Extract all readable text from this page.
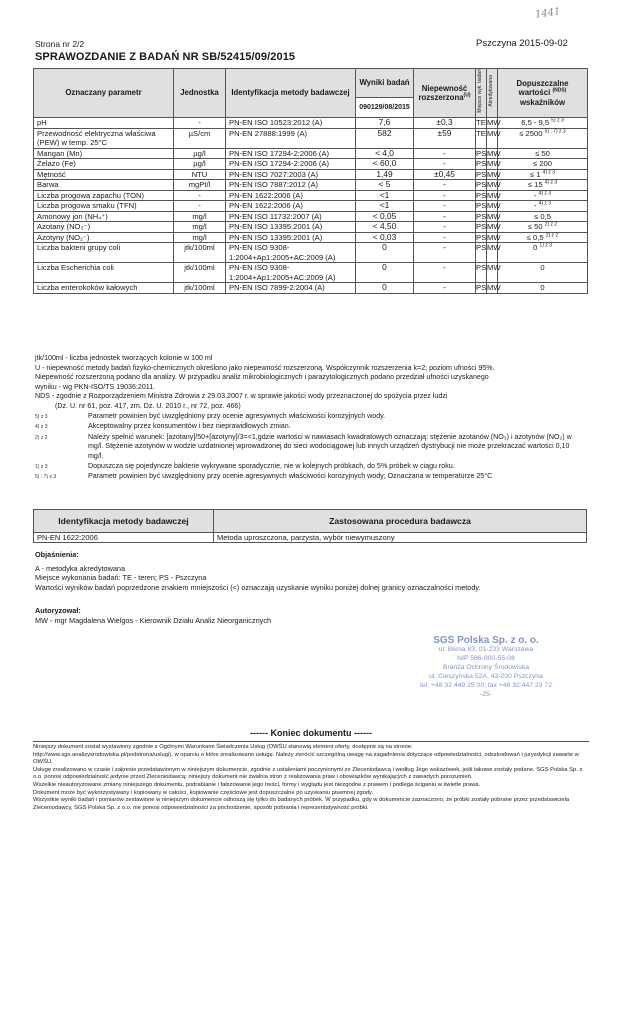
1441
Strona nr 2/2	Pszczyna 2015-09-02
SPRAWOZDANIE Z BADAŃ NR SB/52415/09/2015
Oznaczany parametr	Jednostka	Identyfikacja metody badawczej	Wyniki badań	Niepewność rozszerzona$^{(U)}$	Miejsce wyk. badań	Akredytowana	Dopuszczalne wartości $^{(NDS)}$ wskaźników
			090129/08/2015				
pH	-	PN-EN ISO 10523:2012 (A)	7,6	±0,3	TE	MW	6,5 - 9,5 $^{5) z 3}$
Przewodność elektryczna właściwa (PEW) w temp. 25°C	µS/cm	PN-EN 27888:1999 (A)	582	±59	TE	MW	≤ 2500 $^{5) ; 7) z 3}$
Mangan (Mn)	µg/l	PN-EN ISO 17294-2:2006 (A)	< 4,0	-	PS	MW	≤ 50
Żelazo (Fe)	µg/l	PN-EN ISO 17294-2:2006 (A)	< 60,0	-	PS	MW	≤ 200
Mętność	NTU	PN-EN ISO 7027:2003 (A)	1,49	±0,45	PS	MW	≤ 1 $^{4) z 3}$
Barwa	mgPt/l	PN-EN ISO 7887:2012 (A)	< 5	-	PS	MW	≤ 15 $^{4) z 3}$
Liczba progowa zapachu (TON)	-	PN-EN 1622:2006 (A)	<1	-	PS	MW	- $^{4) z 3}$
Liczba progowa smaku (TFN)	-	PN-EN 1622:2006 (A)	<1	-	PS	MW	- $^{4) z 3}$
Amonowy jon (NH₄⁺)	mg/l	PN-EN ISO 11732:2007 (A)	< 0,05	-	PS	MW	≤ 0,5
Azotany (NO₃⁻)	mg/l	PN-EN ISO 13395:2001 (A)	< 4,50	-	PS	MW	≤ 50 $^{2) z 2}$
Azotyny (NO₂⁻)	mg/l	PN-EN ISO 13395:2001 (A)	< 0,03	-	PS	MW	≤ 0,5 $^{2) z 2}$
Liczba bakterii grupy coli	jtk/100ml	PN-EN ISO 9308-1:2004+Ap1:2005+AC:2009 (A)	0	-	PS	MW	0 $^{1) z 3}$
Liczba Escherichia coli	jtk/100ml	PN-EN ISO 9308-1:2004+Ap1:2005+AC:2009 (A)	0	-	PS	MW	0
Liczba enterokoków kałowych	jtk/100ml	PN-EN ISO 7899-2:2004 (A)	0	-	PS	MW	0

jtk/100ml - liczba jednostek tworzących kolonie w 100 ml

U - niepewność metody badań fizyko-chemicznych określono jako niepewność rozszerzoną. Współczynnik rozszerzenia k=2; poziom ufności 95%.

Niepewność rozszerzoną podano dla analizy. W przypadku analiz mikrobiologicznych i parazytologicznych podano przedział ufności uzyskanego

wyniku - wg PKN-ISO/TS 19036:2011.

NDS - zgodnie z Rozporządzeniem Ministra Zdrowia z 29.03.2007 r. w sprawie jakości wody przeznaczonej do spożycia przez ludzi

(Dz. U. nr 61, poz. 417, zm. Dz. U. 2010 r., nr 72, poz. 466)

5) z 3	Parametr powinien być uwzględniony przy ocenie agresywnych właściwości korozyjnych wody.
4) z 3	Akceptowalny przez konsumentów i bez nieprawidłowych zmian.
2) z 2	Należy spełnić warunek: [azotany]/50+[azotyny]/3=<1,gdzie wartości w nawiasach kwadratowych oznaczają: stężenie azotanów (NO₃) i azotynów (NO₂) w mg/l. Stężenie azotynów w wodzie uzdatnionej wprowadzonej do sieci wodociągowej lub innych urządzeń dystrybucji nie może przekraczać wartości 0,10 mg/l.
1) z 3	Dopuszcza się pojedyncze bakterie wykrywane sporadycznie, nie w kolejnych próbkach, do 5% próbek w ciągu roku.
5) ; 7) z 3	Parametr powinien być uwzględniony przy ocenie agresywnych właściwości korozyjnych wody; Oznaczana w temperaturze 25°C
Identyfikacja metody badawczej	Zastosowana procedura badawcza
PN-EN 1622:2006	Metoda uproszczona, parzysta, wybór niewymuszony
Objaśnienia:
A - metodyka akredytowana
Miejsce wykonania badań: TE - teren; PS - Pszczyna
Wartości wyników badań poprzedzone znakiem mniejszości (<) oznaczają uzyskanie wyniku poniżej dolnej granicy oznaczalności metody.
Autoryzował:
MW - mgr Magdalena Wielgos - Kierownik Działu Analiz Nieorganicznych
SGS Polska Sp. z o. o.
ul. Bema 83, 01-233 Warszawa
NIP 586-000-55-08
Branża Ochrony Środowiska
ul. Cieszyńska 52A, 43-200 Pszczyna
tel. +48 32 449 25 00; fax +48 32 447 23 72
-25-
------ Koniec dokumentu ------

Niniejszy dokument został wystawiony zgodnie z Ogólnymi Warunkami Świadczenia Usług (OWŚU stanowią element oferty, dostępne są na stronie:

http://www.sgs.analizysrodowiska.pl/podstrona/uslugi), w oparciu o które zrealizowano usługę. Należy zwrócić szczególną uwagę na zagadnienia dotyczące odpowiedzialności, odszkodowań i jurysdykcji zawarte w OWŚU.

Usługę zrealizowano w czasie i zakresie przedstawionym w niniejszym dokumencie, zgodnie z ustaleniami poczynionymi ze Zleceniodawcą i według Jego wskazówek, jeśli takowe zostały podane. SGS Polska Sp. z o.o. ponosi odpowiedzialność jedynie przed Zleceniodawcą; niniejszy dokument nie zwalnia stron z realizowania praw i obowiązków wynikających z zawartych porozumień.

Wszelkie nieautoryzowane zmiany niniejszego dokumentu, podrabianie i fałszowanie jego treści, formy i wyglądu jest niezgodne z prawem i podlega ściganiu w świetle prawa.

Dokument może być wykorzystywany i kopiowany w całości, kopiowanie częściowe jest dopuszczalne po uzyskaniu pisemnej zgody.

Wszystkie wyniki badań i pomiarów zestawione w niniejszym dokumencie odnoszą się tylko do badanych próbek. W przypadku, gdy w dokumencie zaznaczono, że próbki zostały pobrane przez przedstawiciela Zleceniodawcy, SGS Polska Sp. z o.o. nie ponosi odpowiedzialności za pochodzenie, sposób pobrania i reprezentatywność próbki.
